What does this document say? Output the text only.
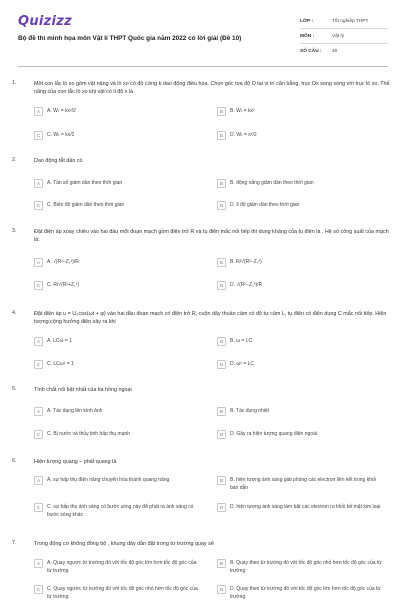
Quizizz
Bộ đề thi minh họa môn Vật lí THPT Quốc gia năm 2022 có lời giải (Đề 10)
LỚP :	Tốt nghiệp THPT
MÔN :	Vật lý
SỐ CÂU :	40
1.	Một con lắc lò xo gồm vật nặng và lò xo có độ cứng k dao động điều hòa. Chọn gốc tọa độ O tại vị trí cân bằng, trục Ox song song với trục lò xo. Thế năng của con lắc lò xo khi vật có li độ x là
A	A. Wₜ = kx²/2	B	B. Wₜ = kx²
C	C. Wₜ = kx/2	D	D. Wₜ = x²/2
2.	Dao động tắt dần có
A	A. Tần số giảm dần theo thời gian	B	B. động năng giảm dần theo thời gian
C	C. Biên độ giảm dần theo thời gian	D	D. li độ giảm dần theo thời gian
3.	Đặt điện áp xoay chiều vào hai đầu một đoạn mạch gồm điện trở R và tụ điện mắc nối tiếp thì dung kháng của tụ điện là . Hệ số công suất của mạch là:
A	A. √(R²−Z꜀²)/R	B	B. R/√(R²−Z꜀²)
C	C. R/√(R²+Z꜀²)	D	D. √(R²−Z꜀²)/R
4.	Đặt điện áp u = U₀cos(ωt + φ) vào hai đầu đoạn mạch có điện trở R, cuộn dây thuần cảm có độ tự cảm L, tụ điện có điện dung C mắc nối tiếp. Hiện tượng cộng hưởng điện xảy ra khi
A	A. LCω = 1	B	B. ω = LC
C	C. LCω² = 1	D	D. ω² = LC
5.	Tính chất nổi bật nhất của tia hồng ngoại
A	A. Tác dụng lên kính ảnh	B	B. Tác dụng nhiệt
C	C. Bị nước và thủy tinh hấp thụ mạnh	D	D. Gây ra hiện tượng quang điện ngoài
6.	Hiện tượng quang – phát quang là
A	A. sự hấp thụ điện năng chuyển hóa thành quang năng	B	B. hiện tượng ánh sáng giải phóng các electron liên kết trong khối bán dẫn
C	C. sự hấp thụ ánh sáng có bước sóng này để phát ra ánh sáng có bước sóng khác
D	D. hiện tượng ánh sáng làm bật các electron ra khỏi bề mặt kim loại
7.	Trong động cơ không đồng bộ , khung dây dẫn đặt trong từ trường quay sẽ
A	A. Quay ngược từ trường đó với tốc độ góc lớn hơn tốc độ góc của từ trường
B	B. Quay theo từ trường đó với tốc độ góc nhỏ hơn tốc độ góc của từ trường
C	C. Quay ngược từ trường đó với tốc độ góc nhỏ hơn tốc độ góc của từ trường
D	D. Quay theo từ trường đó với tốc độ góc lớn hơn tốc độ góc của từ trường
